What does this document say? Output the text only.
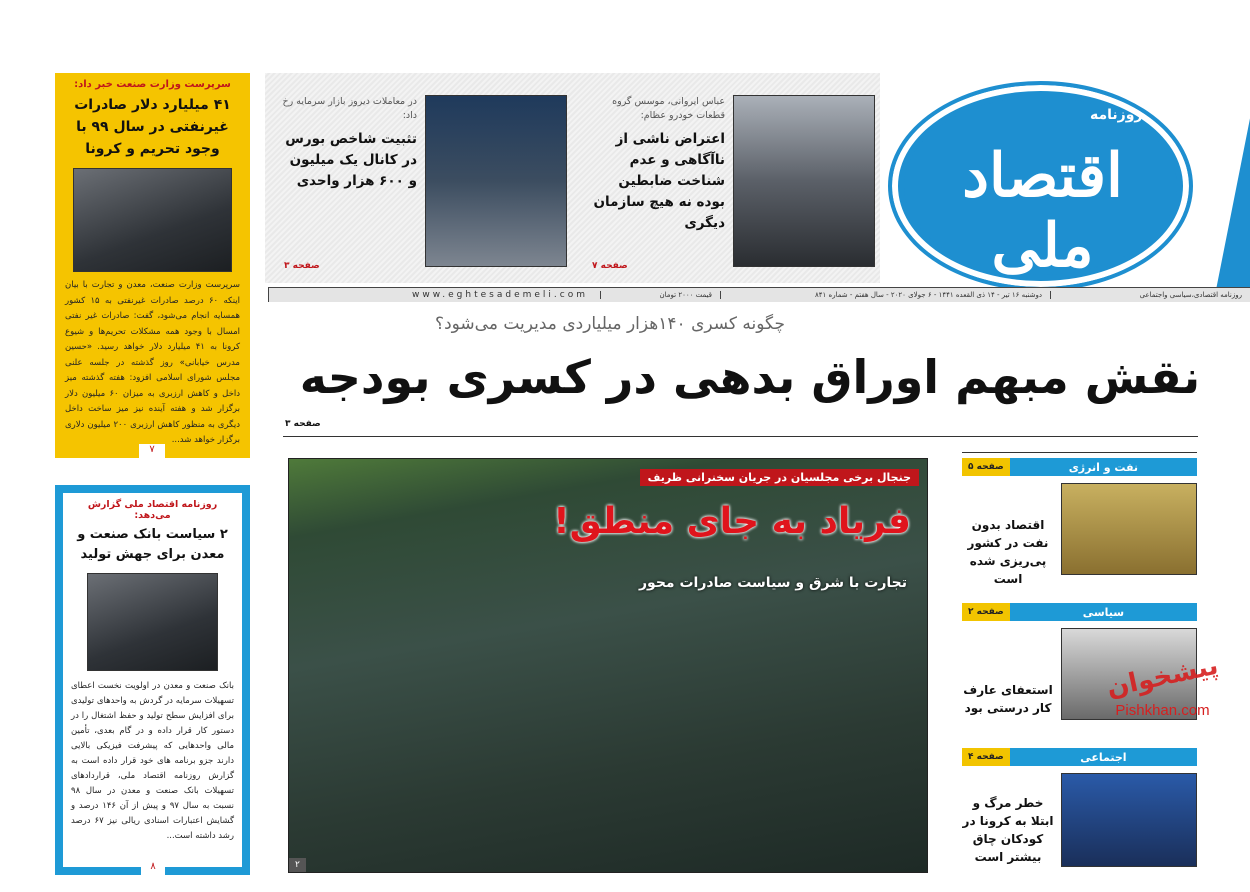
سرپرست وزارت صنعت خبر داد:
۴۱ میلیارد دلار صادرات غیرنفتی در سال ۹۹ با وجود تحریم و کرونا
سرپرست وزارت صنعت، معدن و تجارت با بیان اینکه ۶۰ درصد صادرات غیرنفتی به ۱۵ کشور همسایه انجام می‌شود، گفت: صادرات غیر نفتی امسال با وجود همه مشکلات تحریم‌ها و شیوع کرونا به ۴۱ میلیارد دلار خواهد رسید. «حسین مدرس خیابانی» روز گذشته در جلسه علنی مجلس شورای اسلامی افزود: هفته گذشته میز داخل و کاهش ارزبری به میزان ۶۰ میلیون دلار برگزار شد و هفته آینده نیز میز ساخت داخل دیگری به منظور کاهش ارزبری ۲۰۰ میلیون دلاری برگزار خواهد شد...
۷
روزنامه اقتصاد ملی گزارش می‌دهد:
۲ سیاست بانک صنعت و معدن برای جهش تولید
بانک صنعت و معدن در اولویت نخست اعطای تسهیلات سرمایه در گردش به واحدهای تولیدی برای افزایش سطح تولید و حفظ اشتغال را در دستور کار قرار داده و در گام بعدی، تأمین مالی واحدهایی که پیشرفت فیزیکی بالایی دارند جزو برنامه های خود قرار داده است به گزارش روزنامه اقتصاد ملی، قراردادهای تسهیلات بانک صنعت و معدن در سال ۹۸ نسبت به سال ۹۷ و پیش از آن ۱۴۶ درصد و گشایش اعتبارات اسنادی ریالی نیز ۶۷ درصد رشد داشته است...
۸
روزنامه
اقتصاد ملی
عباس ایروانی، موسس گروه قطعات خودرو عظام:
اعتراض ناشی از ناآگاهی و عدم شناخت ضابطین بوده نه هیچ سازمان دیگری
صفحه ۷
در معاملات دیروز بازار سرمایه رخ داد:
تثبیت شاخص بورس در کانال یک میلیون و ۶۰۰ هزار واحدی
صفحه ۳
روزنامه اقتصادی،سیاسی واجتماعی
دوشنبه ۱۶ تیر - ۱۴ ذی القعده ۱۴۴۱ - ۶ جولای ۲۰۲۰ - سال هفتم - شماره ۸۴۱
قیمت ۲۰۰۰ تومان
www.eghtesademeli.com
چگونه کسری ۱۴۰هزار میلیاردی مدیریت می‌شود؟
نقش مبهم اوراق بدهی در کسری بودجه
صفحه ۳
جنجال برخی مجلسیان در جریان سخنرانی ظریف
فریاد به جای منطق!
تجارت با شرق و سیاست صادرات محور
۲
نفت و انرژی
صفحه ۵
اقتصاد بدون نفت در کشور پی‌ریزی شده است
سیاسی
صفحه ۲
استعفای عارف کار درستی بود
اجتماعی
صفحه ۴
خطر مرگ و ابتلا به کرونا در کودکان چاق بیشتر است
پیشخوان
Pishkhan.com
